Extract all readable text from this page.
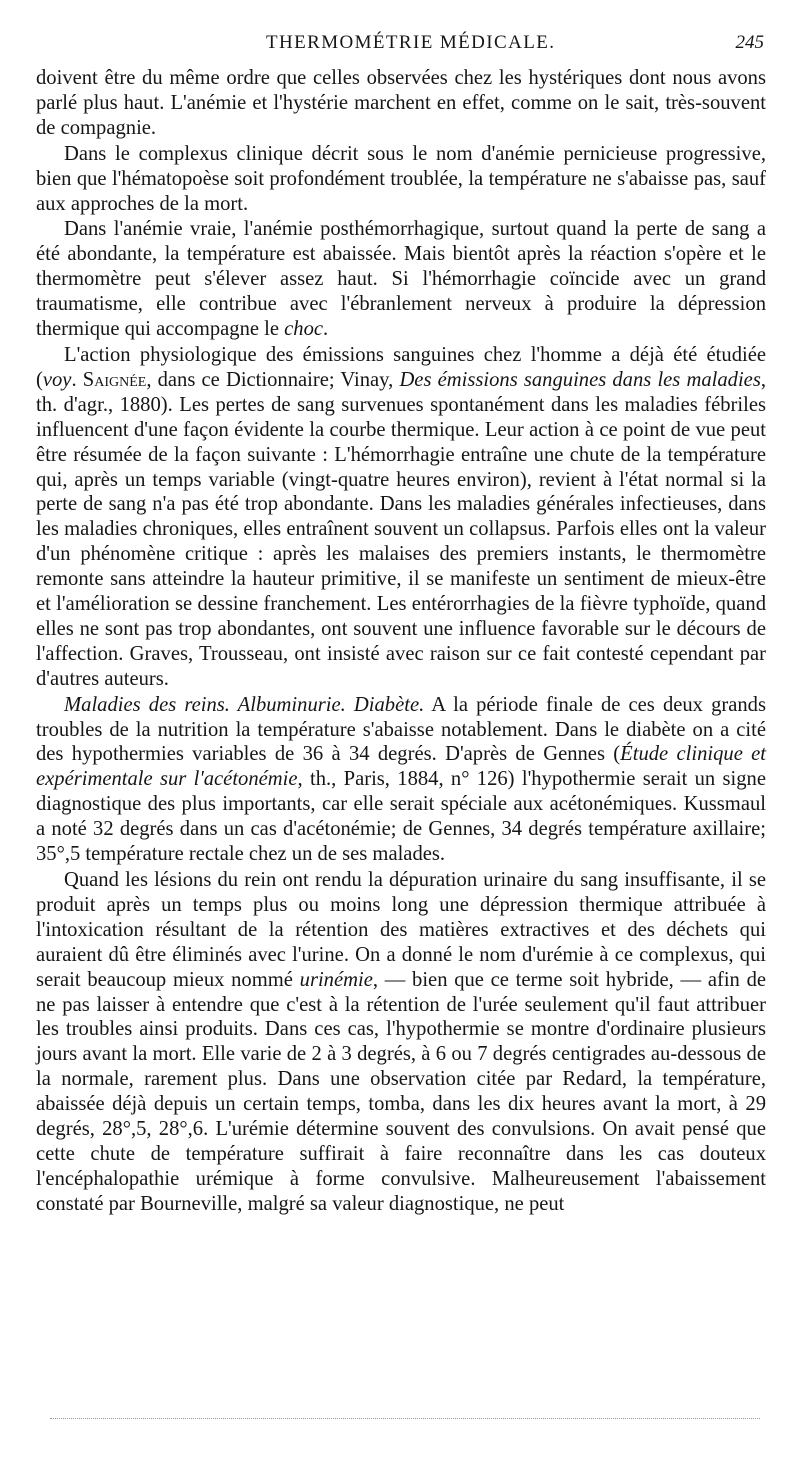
THERMOMÉTRIE MÉDICALE.	245

doivent être du même ordre que celles observées chez les hystériques dont nous avons parlé plus haut. L'anémie et l'hystérie marchent en effet, comme on le sait, très-souvent de compagnie.

Dans le complexus clinique décrit sous le nom d'anémie pernicieuse progressive, bien que l'hématopoèse soit profondément troublée, la température ne s'abaisse pas, sauf aux approches de la mort.

Dans l'anémie vraie, l'anémie posthémorrhagique, surtout quand la perte de sang a été abondante, la température est abaissée. Mais bientôt après la réaction s'opère et le thermomètre peut s'élever assez haut. Si l'hémorrhagie coïncide avec un grand traumatisme, elle contribue avec l'ébranlement nerveux à produire la dépression thermique qui accompagne le choc.

L'action physiologique des émissions sanguines chez l'homme a déjà été étudiée (voy. Saignée, dans ce Dictionnaire; Vinay, Des émissions sanguines dans les maladies, th. d'agr., 1880). Les pertes de sang survenues spontanément dans les maladies fébriles influencent d'une façon évidente la courbe thermique. Leur action à ce point de vue peut être résumée de la façon suivante : L'hémorrhagie entraîne une chute de la température qui, après un temps variable (vingt-quatre heures environ), revient à l'état normal si la perte de sang n'a pas été trop abondante. Dans les maladies générales infectieuses, dans les maladies chroniques, elles entraînent souvent un collapsus. Parfois elles ont la valeur d'un phénomène critique : après les malaises des premiers instants, le thermomètre remonte sans atteindre la hauteur primitive, il se manifeste un sentiment de mieux-être et l'amélioration se dessine franchement. Les entérorrhagies de la fièvre typhoïde, quand elles ne sont pas trop abondantes, ont souvent une influence favorable sur le décours de l'affection. Graves, Trousseau, ont insisté avec raison sur ce fait contesté cependant par d'autres auteurs.

Maladies des reins. Albuminurie. Diabète. A la période finale de ces deux grands troubles de la nutrition la température s'abaisse notablement. Dans le diabète on a cité des hypothermies variables de 36 à 34 degrés. D'après de Gennes (Étude clinique et expérimentale sur l'acétonémie, th., Paris, 1884, n° 126) l'hypothermie serait un signe diagnostique des plus importants, car elle serait spéciale aux acétonémiques. Kussmaul a noté 32 degrés dans un cas d'acétonémie; de Gennes, 34 degrés température axillaire; 35°,5 température rectale chez un de ses malades.

Quand les lésions du rein ont rendu la dépuration urinaire du sang insuffisante, il se produit après un temps plus ou moins long une dépression thermique attribuée à l'intoxication résultant de la rétention des matières extractives et des déchets qui auraient dû être éliminés avec l'urine. On a donné le nom d'urémie à ce complexus, qui serait beaucoup mieux nommé urinémie, — bien que ce terme soit hybride, — afin de ne pas laisser à entendre que c'est à la rétention de l'urée seulement qu'il faut attribuer les troubles ainsi produits. Dans ces cas, l'hypothermie se montre d'ordinaire plusieurs jours avant la mort. Elle varie de 2 à 3 degrés, à 6 ou 7 degrés centigrades au-dessous de la normale, rarement plus. Dans une observation citée par Redard, la température, abaissée déjà depuis un certain temps, tomba, dans les dix heures avant la mort, à 29 degrés, 28°,5, 28°,6. L'urémie détermine souvent des convulsions. On avait pensé que cette chute de température suffirait à faire reconnaître dans les cas douteux l'encéphalopathie urémique à forme convulsive. Malheureusement l'abaissement constaté par Bourneville, malgré sa valeur diagnostique, ne peut
